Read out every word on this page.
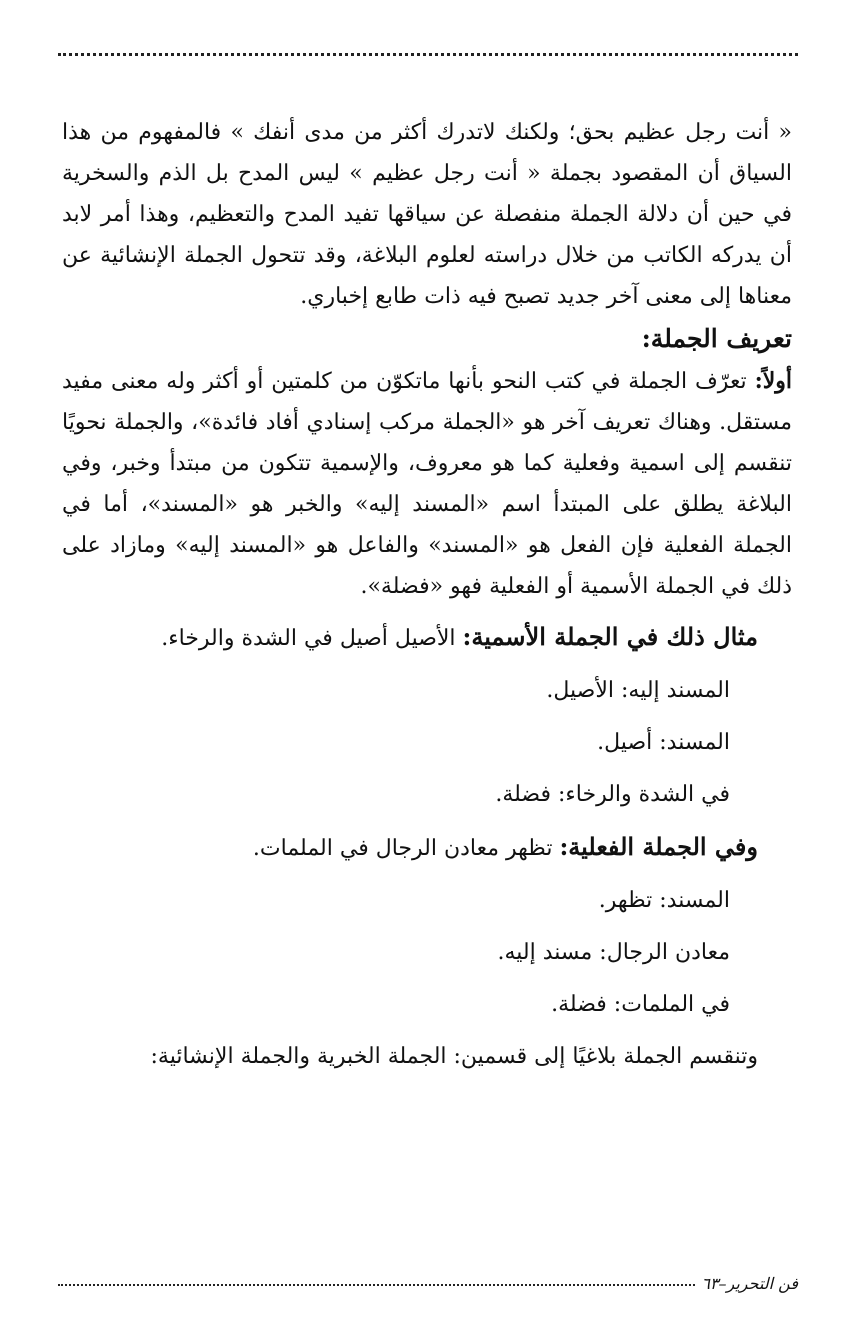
« أنت رجل عظيم بحق؛ ولكنك لاتدرك أكثر من مدى أنفك » فالمفهوم من هذا السياق أن المقصود بجملة « أنت رجل عظيم » ليس المدح بل الذم والسخرية في حين أن دلالة الجملة منفصلة عن سياقها تفيد المدح والتعظيم، وهذا أمر لابد أن يدركه الكاتب من خلال دراسته لعلوم البلاغة، وقد تتحول الجملة الإنشائية عن معناها إلى معنى آخر جديد تصبح فيه ذات طابع إخباري.

تعريف الجملة:

أولاً: تعرّف الجملة في كتب النحو بأنها ماتكوّن من كلمتين أو أكثر وله معنى مفيد مستقل. وهناك تعريف آخر هو «الجملة مركب إسنادي أفاد فائدة»، والجملة نحويًا تنقسم إلى اسمية وفعلية كما هو معروف، والإسمية تتكون من مبتدأ وخبر، وفي البلاغة يطلق على المبتدأ اسم «المسند إليه» والخبر هو «المسند»، أما في الجملة الفعلية فإن الفعل هو «المسند» والفاعل هو «المسند إليه» ومازاد على ذلك في الجملة الأسمية أو الفعلية فهو «فضلة».

مثال ذلك في الجملة الأسمية: الأصيل أصيل في الشدة والرخاء.

المسند إليه: الأصيل.

المسند: أصيل.

في الشدة والرخاء: فضلة.

وفي الجملة الفعلية: تظهر معادن الرجال في الملمات.

المسند: تظهر.

معادن الرجال: مسند إليه.

في الملمات: فضلة.

وتنقسم الجملة بلاغيًا إلى قسمين: الجملة الخبرية والجملة الإنشائية:

فن التحرير–٦٣
